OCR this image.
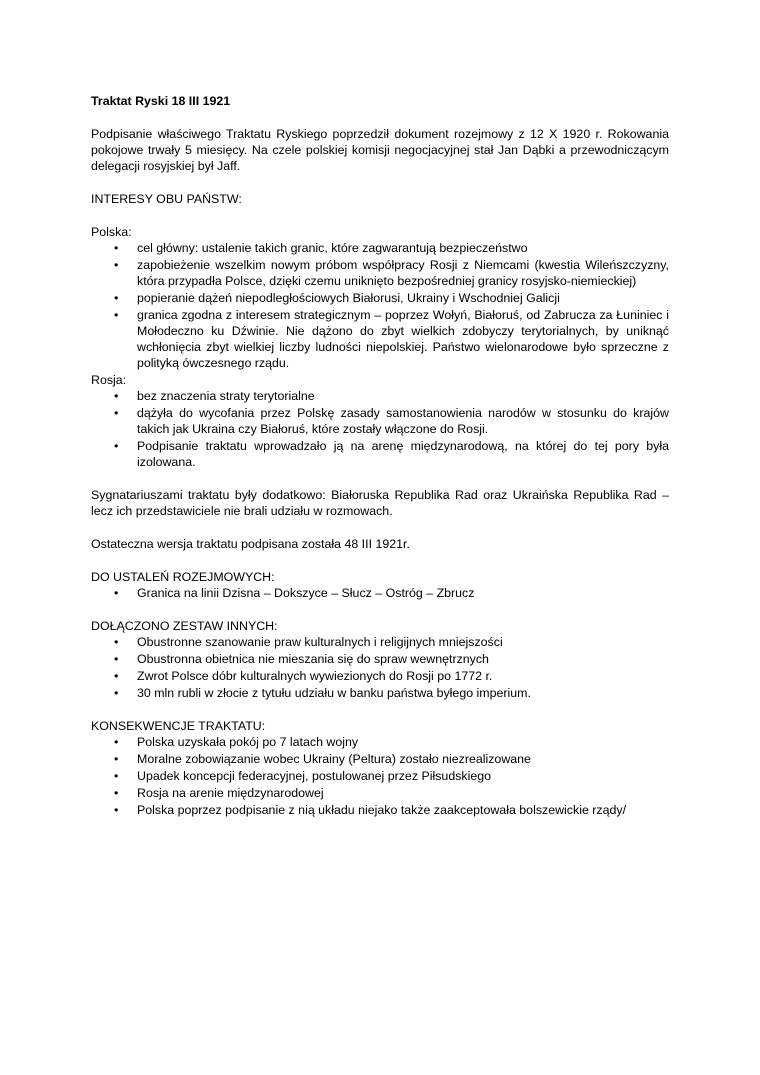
Traktat Ryski 18 III 1921

Podpisanie właściwego Traktatu Ryskiego poprzedził dokument rozejmowy z 12 X 1920 r. Rokowania pokojowe trwały 5 miesięcy. Na czele polskiej komisji negocjacyjnej stał Jan Dąbki a przewodniczącym delegacji rosyjskiej był Jaff.

INTERESY OBU PAŃSTW:

Polska:

• cel główny: ustalenie takich granic, które zagwarantują bezpieczeństwo
• zapobieżenie wszelkim nowym próbom współpracy Rosji z Niemcami (kwestia Wileńszczyzny, która przypadła Polsce, dzięki czemu uniknięto bezpośredniej granicy rosyjsko-niemieckiej)
• popieranie dążeń niepodległościowych Białorusi, Ukrainy i Wschodniej Galicji
• granica zgodna z interesem strategicznym – poprzez Wołyń, Białoruś, od Zabrucza za Łuniniec i Mołodeczno ku Dźwinie. Nie dążono do zbyt wielkich zdobyczy terytorialnych, by uniknąć wchłonięcia zbyt wielkiej liczby ludności niepolskiej. Państwo wielonarodowe było sprzeczne z polityką ówczesnego rządu.

Rosja:

• bez znaczenia straty terytorialne
• dążyła do wycofania przez Polskę zasady samostanowienia narodów w stosunku do krajów takich jak Ukraina czy Białoruś, które zostały włączone do Rosji.
• Podpisanie traktatu wprowadzało ją na arenę międzynarodową, na której do tej pory była izolowana.

Sygnatariuszami traktatu były dodatkowo: Białoruska Republika Rad oraz Ukraińska Republika Rad – lecz ich przedstawiciele nie brali udziału w rozmowach.

Ostateczna wersja traktatu podpisana została 48 III 1921r.

DO USTALEŃ ROZEJMOWYCH:

• Granica na linii Dzisna – Dokszyce – Słucz – Ostróg – Zbrucz

DOŁĄCZONO ZESTAW INNYCH:

• Obustronne szanowanie praw kulturalnych i religijnych mniejszości
• Obustronna obietnica nie mieszania się do spraw wewnętrznych
• Zwrot Polsce dóbr kulturalnych wywiezionych do Rosji po 1772 r.
• 30 mln rubli w złocie z tytułu udziału w banku państwa byłego imperium.

KONSEKWENCJE TRAKTATU:

• Polska uzyskała pokój po 7 latach wojny
• Moralne zobowiązanie wobec Ukrainy (Peltura) zostało niezrealizowane
• Upadek koncepcji federacyjnej, postulowanej przez Piłsudskiego
• Rosja na arenie międzynarodowej
• Polska poprzez podpisanie z nią układu niejako także zaakceptowała bolszewickie rządy/
